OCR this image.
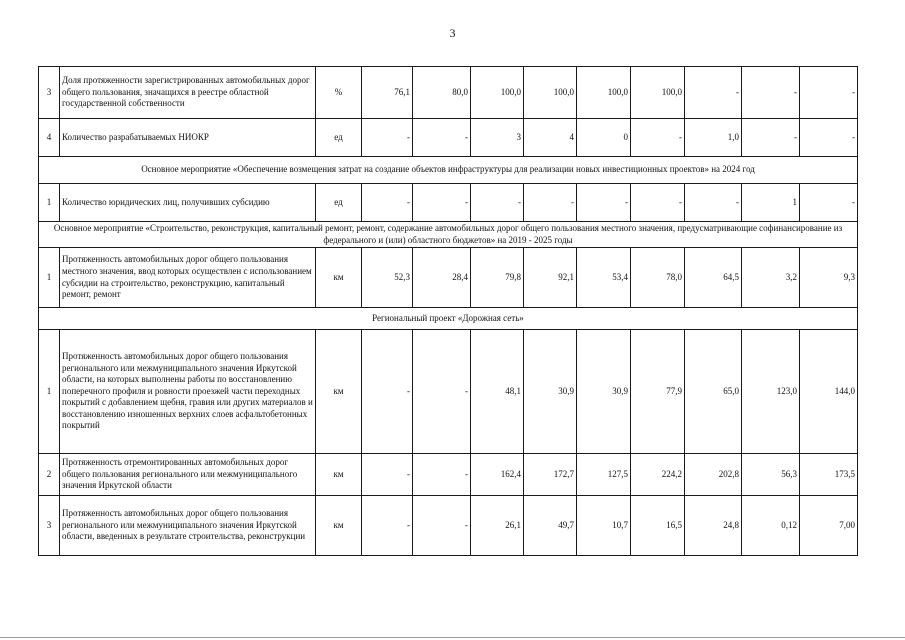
3
3	Доля протяженности зарегистрированных автомобильных дорог общего пользования, значащихся в реестре областной государственной собственности	%	76,1	80,0	100,0	100,0	100,0	100,0	-	-	-
4	Количество разрабатываемых НИОКР	ед	-	-	3	4	0	-	1,0	-	-
Основное мероприятие «Обеспечение возмещения затрат на создание объектов инфраструктуры для реализации новых инвестиционных проектов» на 2024 год											
1	Количество юридических лиц, получивших субсидию	ед	-	-	-	-	-	-	-	1	-
Основное мероприятие «Строительство, реконструкция, капитальный ремонт, ремонт, содержание автомобильных дорог общего пользования местного значения, предусматривающие софинансирование из федерального и (или) областного бюджетов» на 2019 - 2025 годы											
1	Протяженность автомобильных дорог общего пользования местного значения, ввод которых осуществлен с использованием субсидии на строительство, реконструкцию, капитальный ремонт, ремонт	км	52,3	28,4	79,8	92,1	53,4	78,0	64,5	3,2	9,3
Региональный проект «Дорожная сеть»											
1	Протяженность автомобильных дорог общего пользования регионального или межмуниципального значения Иркутской области, на которых выполнены работы по восстановлению поперечного профиля и ровности проезжей части переходных покрытий с добавлением щебня, гравия или других материалов и восстановлению изношенных верхних слоев асфальтобетонных покрытий	км	-	-	48,1	30,9	30,9	77,9	65,0	123,0	144,0
2	Протяженность отремонтированных автомобильных дорог общего пользования регионального или межмуниципального значения Иркутской области	км	-	-	162,4	172,7	127,5	224,2	202,8	56,3	173,5
3	Протяженность автомобильных дорог общего пользования регионального или межмуниципального значения Иркутской области, введенных в результате строительства, реконструкции	км	-	-	26,1	49,7	10,7	16,5	24,8	0,12	7,00
